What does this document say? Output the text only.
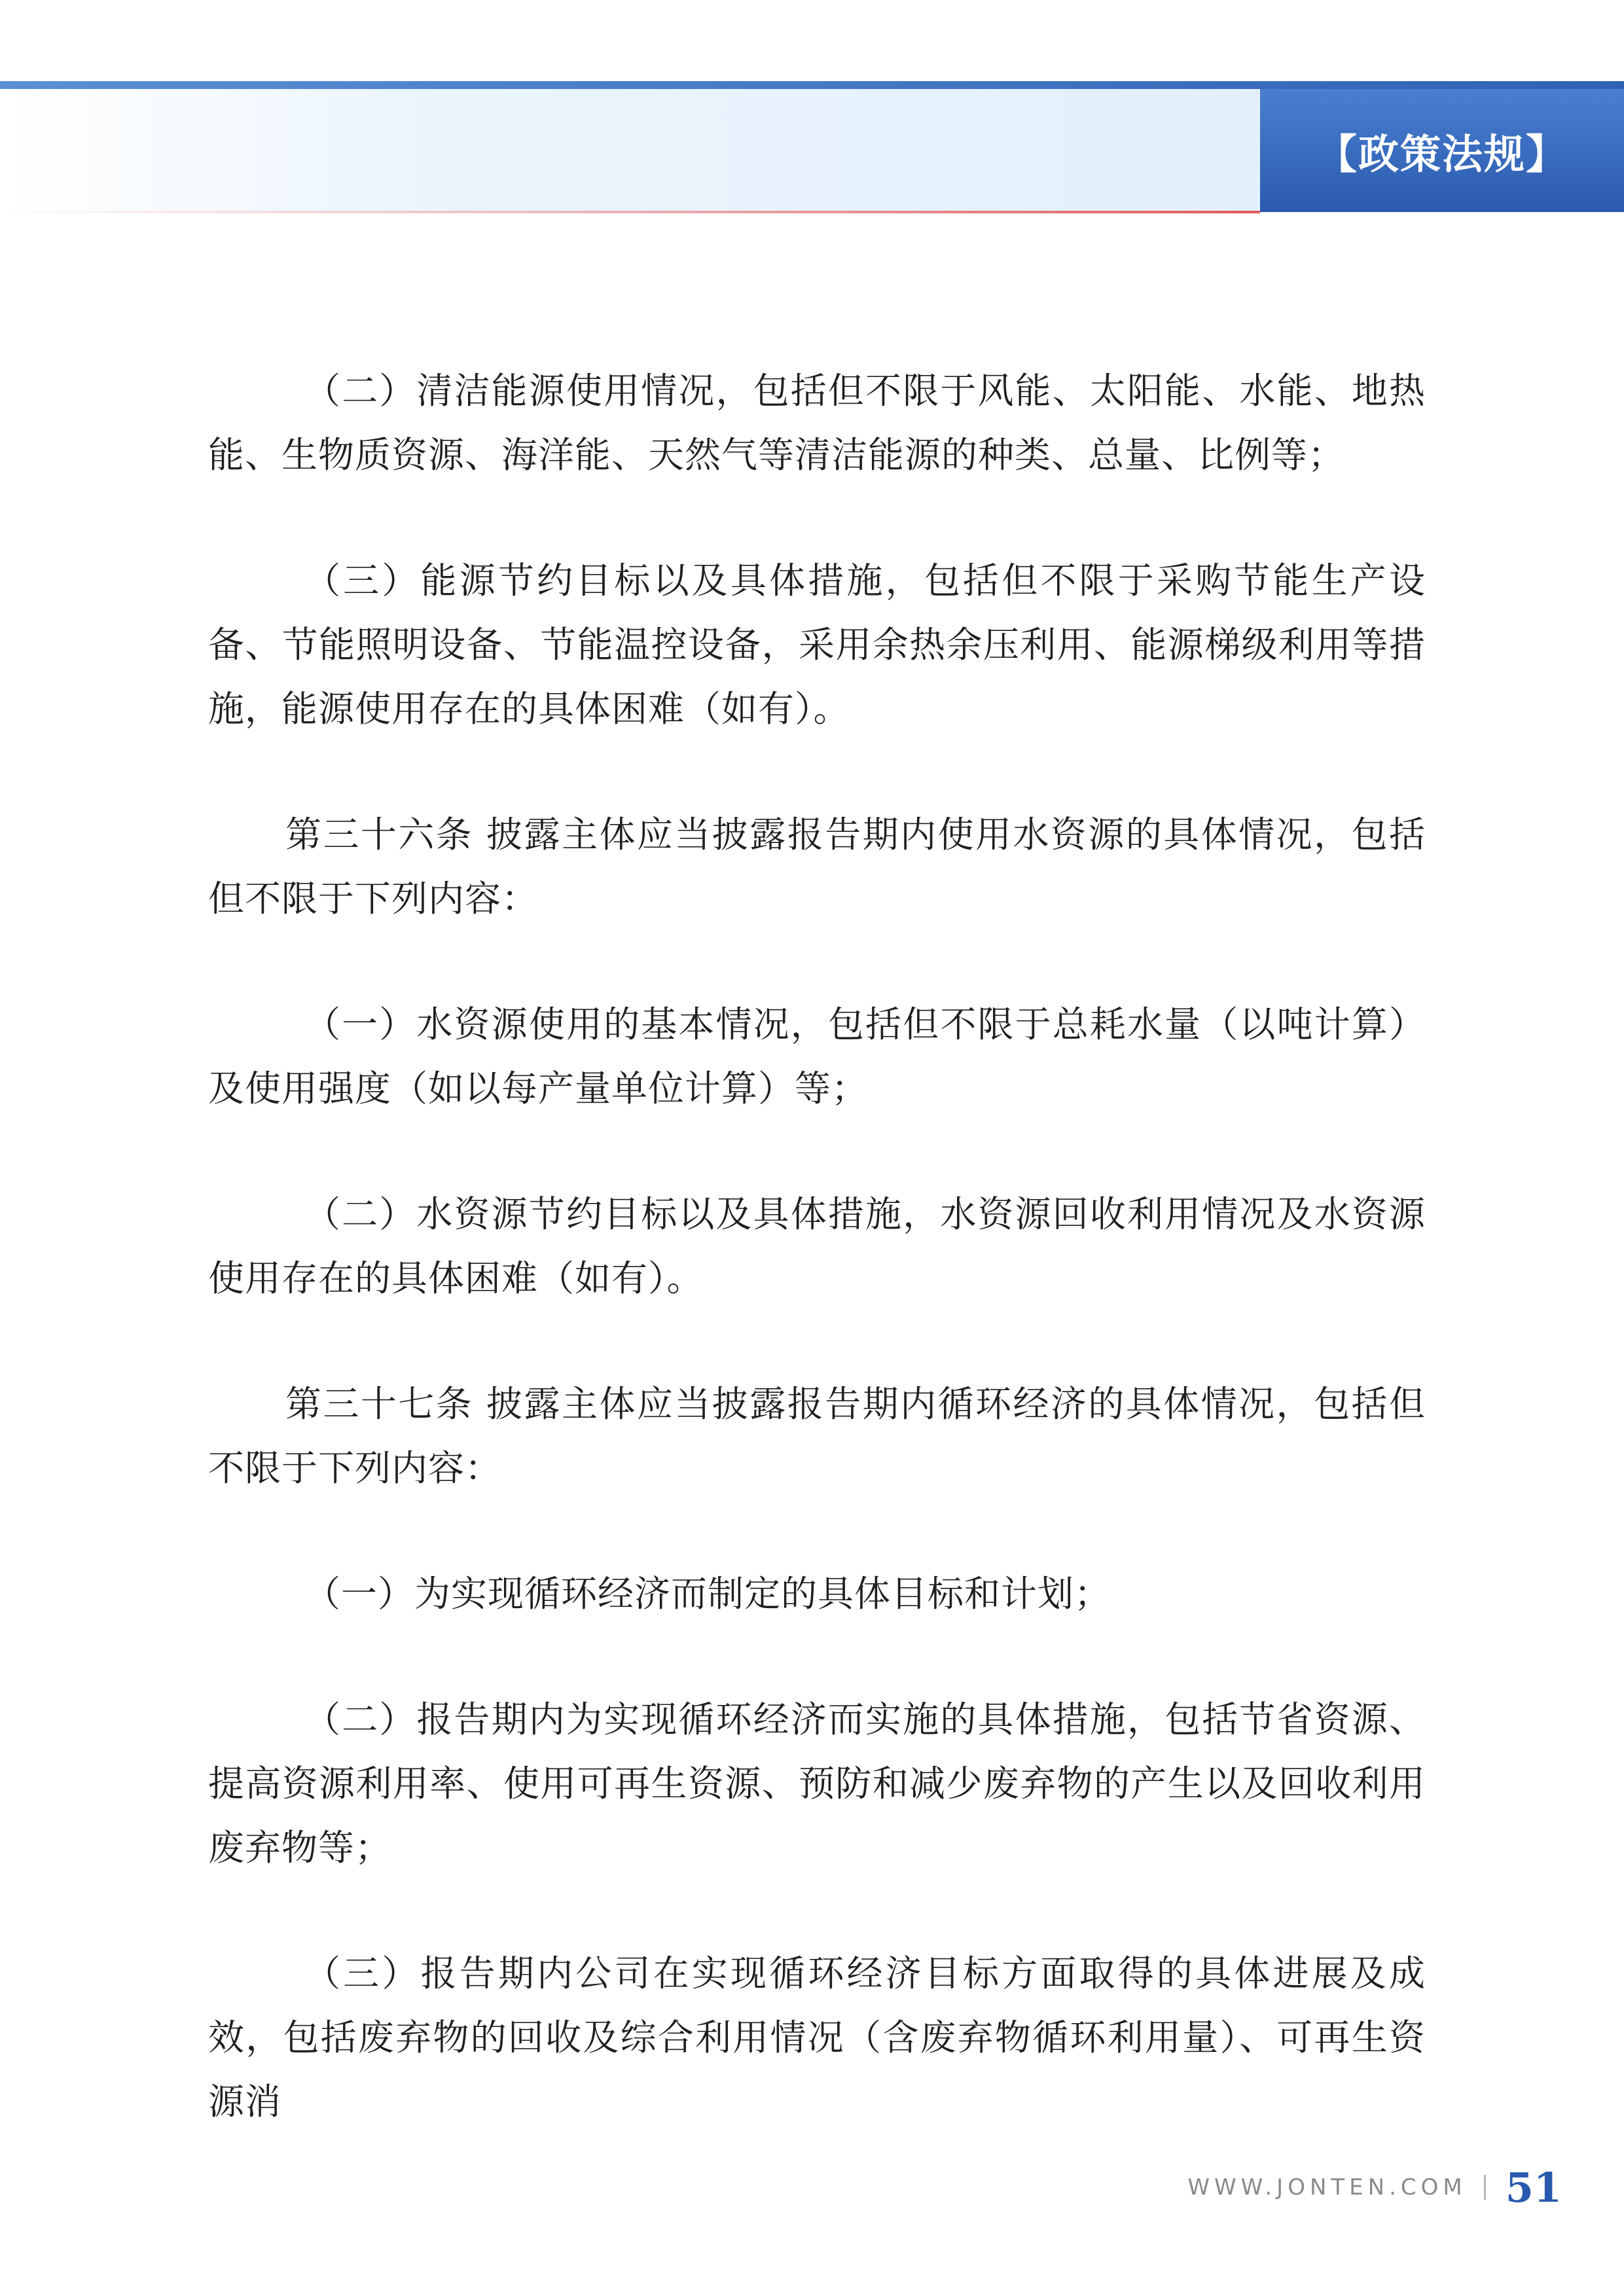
【政策法规】

（二）清洁能源使用情况，包括但不限于风能、太阳能、水能、地热能、生物质资源、海洋能、天然气等清洁能源的种类、总量、比例等；

（三）能源节约目标以及具体措施，包括但不限于采购节能生产设备、节能照明设备、节能温控设备，采用余热余压利用、能源梯级利用等措施，能源使用存在的具体困难（如有）。

第三十六条 披露主体应当披露报告期内使用水资源的具体情况，包括但不限于下列内容：

（一）水资源使用的基本情况，包括但不限于总耗水量（以吨计算）及使用强度（如以每产量单位计算）等；

（二）水资源节约目标以及具体措施，水资源回收利用情况及水资源使用存在的具体困难（如有）。

第三十七条 披露主体应当披露报告期内循环经济的具体情况，包括但不限于下列内容：

（一）为实现循环经济而制定的具体目标和计划；

（二）报告期内为实现循环经济而实施的具体措施，包括节省资源、提高资源利用率、使用可再生资源、预防和减少废弃物的产生以及回收利用废弃物等；

（三）报告期内公司在实现循环经济目标方面取得的具体进展及成效，包括废弃物的回收及综合利用情况（含废弃物循环利用量）、可再生资源消

WWW.JONTEN.COM 51
